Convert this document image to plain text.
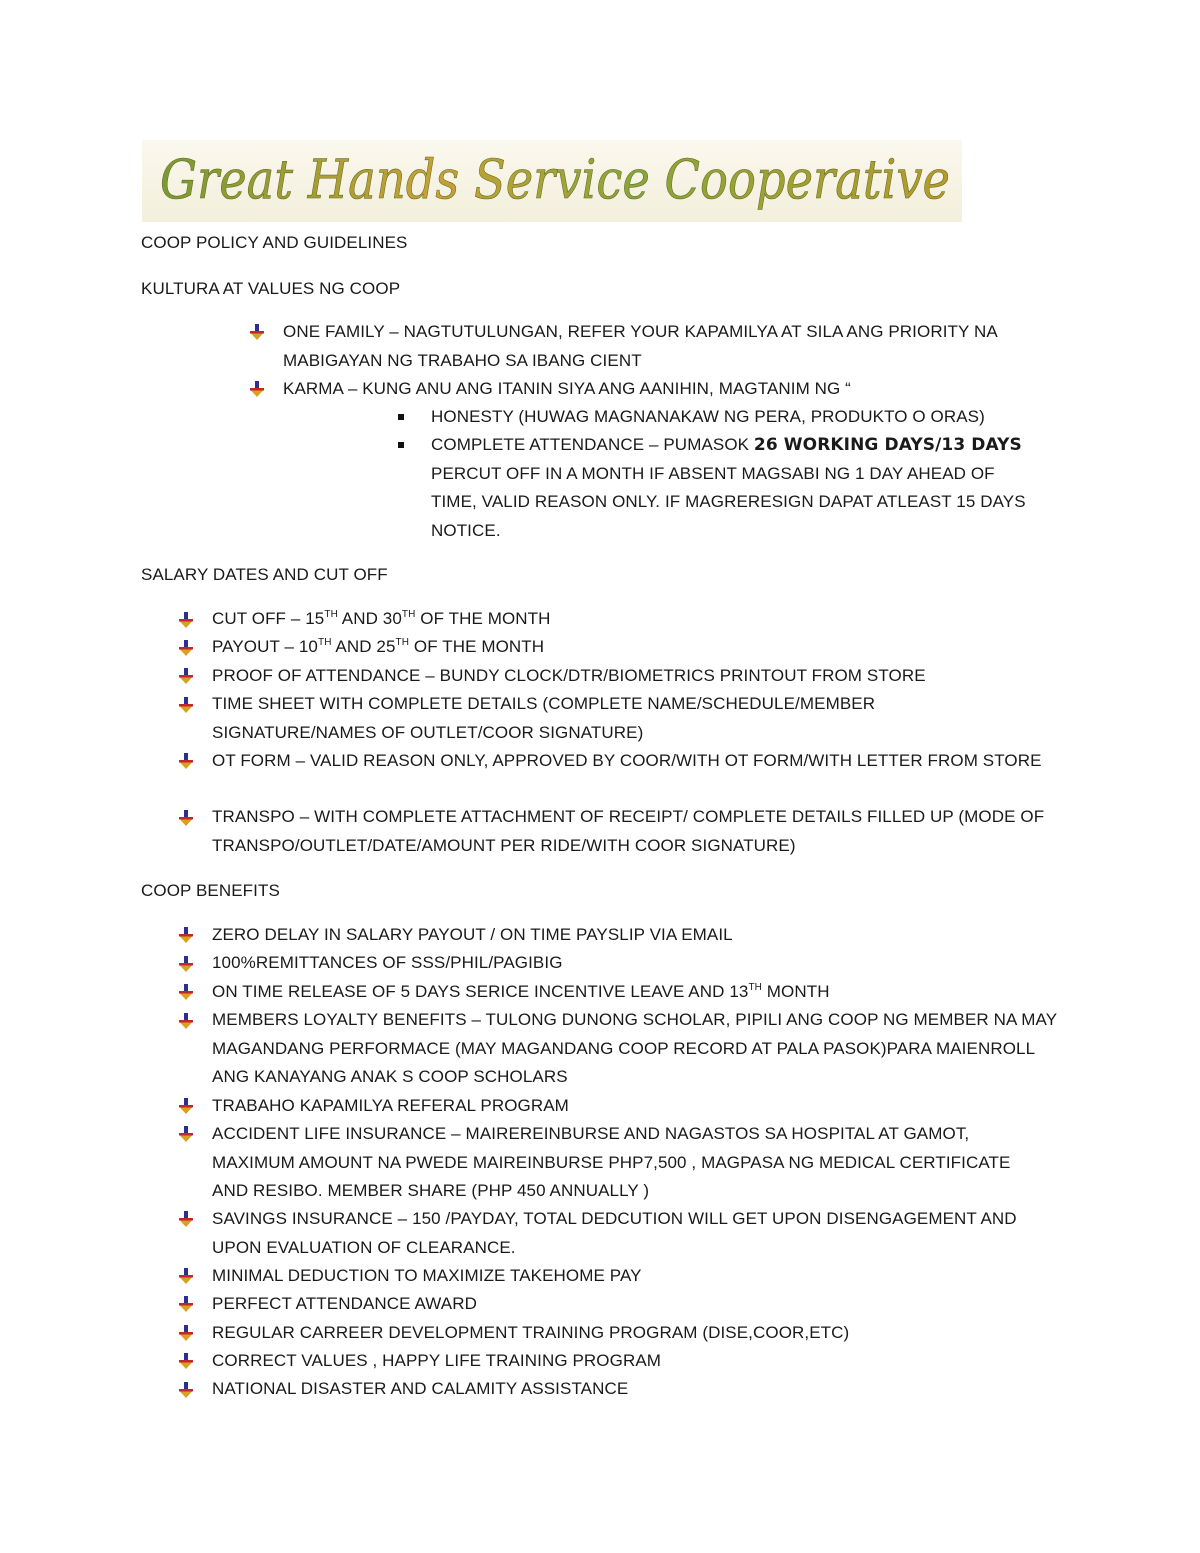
Great Hands Service Cooperative
COOP POLICY AND GUIDELINES
KULTURA AT VALUES NG COOP
SALARY DATES AND CUT OFF
COOP BENEFITS
ONE FAMILY – NAGTUTULUNGAN, REFER YOUR KAPAMILYA AT SILA ANG PRIORITY NA MABIGAYAN NG TRABAHO SA IBANG CIENT
KARMA – KUNG ANU ANG ITANIN SIYA ANG AANIHIN, MAGTANIM NG “
HONESTY (HUWAG MAGNANAKAW NG PERA, PRODUKTO O ORAS)
COMPLETE ATTENDANCE – PUMASOK 26 WORKING DAYS/13 DAYS
PERCUT OFF IN A MONTH IF ABSENT MAGSABI NG 1 DAY AHEAD OF TIME, VALID REASON ONLY. IF MAGRERESIGN DAPAT ATLEAST 15 DAYS NOTICE.
CUT OFF – 15TH AND 30TH OF THE MONTH
PAYOUT – 10TH AND 25TH OF THE MONTH
PROOF OF ATTENDANCE – BUNDY CLOCK/DTR/BIOMETRICS PRINTOUT FROM STORE
TIME SHEET WITH COMPLETE DETAILS (COMPLETE NAME/SCHEDULE/MEMBER SIGNATURE/NAMES OF OUTLET/COOR SIGNATURE)
OT FORM – VALID REASON ONLY, APPROVED BY COOR/WITH OT FORM/WITH LETTER FROM STORE
TRANSPO – WITH COMPLETE ATTACHMENT OF RECEIPT/ COMPLETE DETAILS FILLED UP (MODE OF TRANSPO/OUTLET/DATE/AMOUNT PER RIDE/WITH COOR SIGNATURE)
ZERO DELAY IN SALARY PAYOUT / ON TIME PAYSLIP VIA EMAIL
100%REMITTANCES OF SSS/PHIL/PAGIBIG
ON TIME RELEASE OF 5 DAYS SERICE INCENTIVE LEAVE AND 13TH MONTH
MEMBERS LOYALTY BENEFITS – TULONG DUNONG SCHOLAR, PIPILI ANG COOP NG MEMBER NA MAY MAGANDANG PERFORMACE (MAY MAGANDANG COOP RECORD AT PALA PASOK)PARA MAIENROLL ANG KANAYANG ANAK S COOP SCHOLARS
TRABAHO KAPAMILYA REFERAL PROGRAM
ACCIDENT LIFE INSURANCE – MAIREREINBURSE AND NAGASTOS SA HOSPITAL AT GAMOT, MAXIMUM AMOUNT NA PWEDE MAIREINBURSE PHP7,500 , MAGPASA NG MEDICAL CERTIFICATE AND RESIBO. MEMBER SHARE (PHP 450 ANNUALLY )
SAVINGS INSURANCE – 150 /PAYDAY, TOTAL DEDCUTION WILL GET UPON DISENGAGEMENT AND UPON EVALUATION OF CLEARANCE.
MINIMAL DEDUCTION TO MAXIMIZE TAKEHOME PAY
PERFECT ATTENDANCE AWARD
REGULAR CARREER DEVELOPMENT TRAINING PROGRAM (DISE,COOR,ETC)
CORRECT VALUES , HAPPY LIFE TRAINING PROGRAM
NATIONAL DISASTER AND CALAMITY ASSISTANCE
